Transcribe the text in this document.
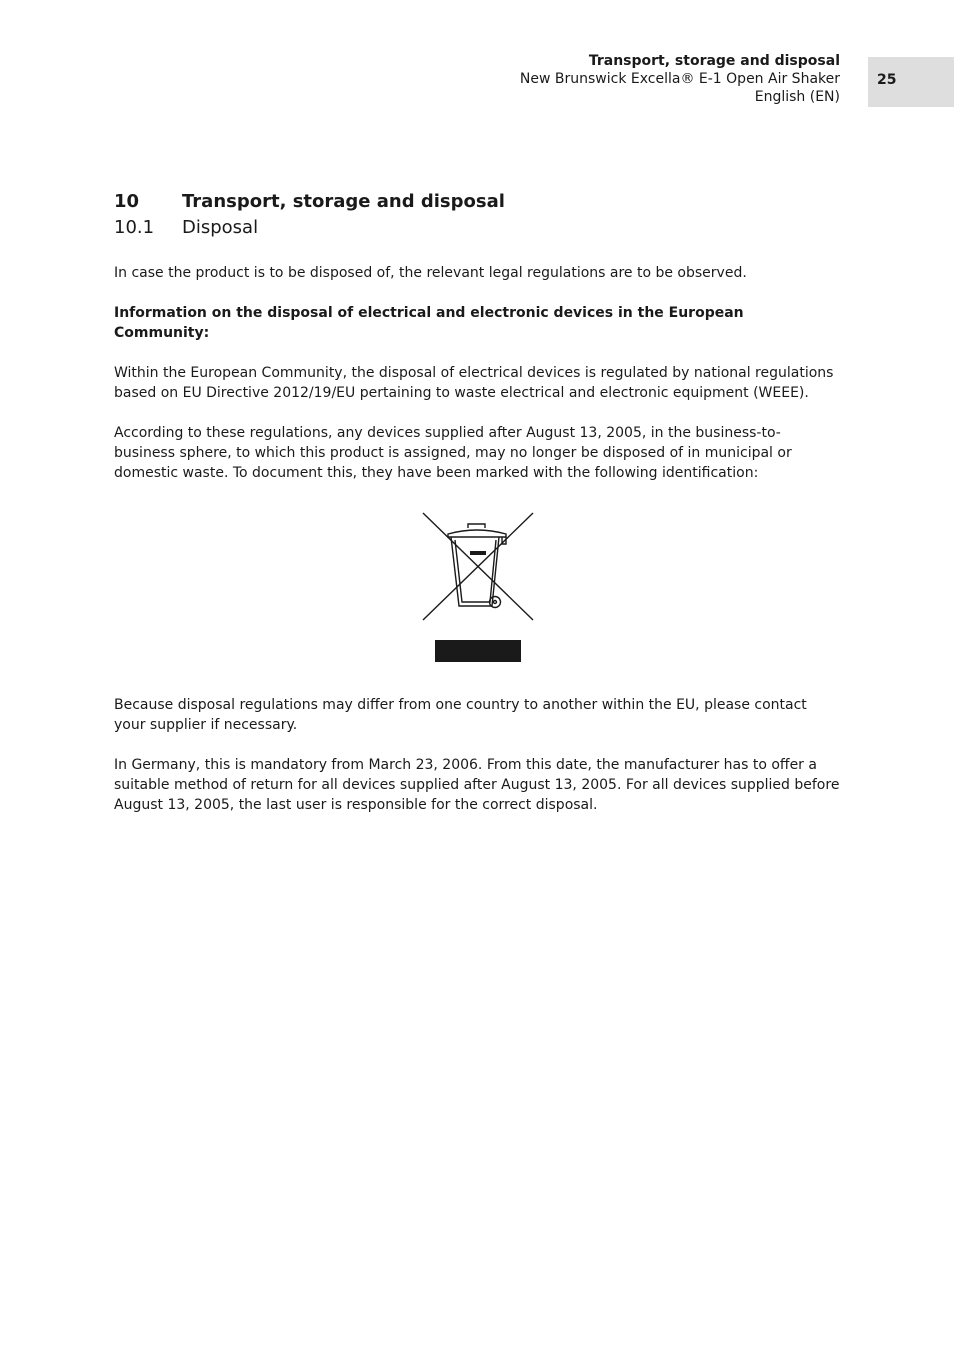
Transport, storage and disposal
New Brunswick Excella® E-1 Open Air Shaker
English (EN)
25
10	Transport, storage and disposal
10.1	Disposal

In case the product is to be disposed of, the relevant legal regulations are to be observed.

Information on the disposal of electrical and electronic devices in the European Community:

Within the European Community, the disposal of electrical devices is regulated by national regulations based on EU Directive 2012/19/EU pertaining to waste electrical and electronic equipment (WEEE).

According to these regulations, any devices supplied after August 13, 2005, in the business-to-business sphere, to which this product is assigned, may no longer be disposed of in municipal or domestic waste. To document this, they have been marked with the following identification:

Because disposal regulations may differ from one country to another within the EU, please contact your supplier if necessary.

In Germany, this is mandatory from March 23, 2006. From this date, the manufacturer has to offer a suitable method of return for all devices supplied after August 13, 2005. For all devices supplied before August 13, 2005, the last user is responsible for the correct disposal.
